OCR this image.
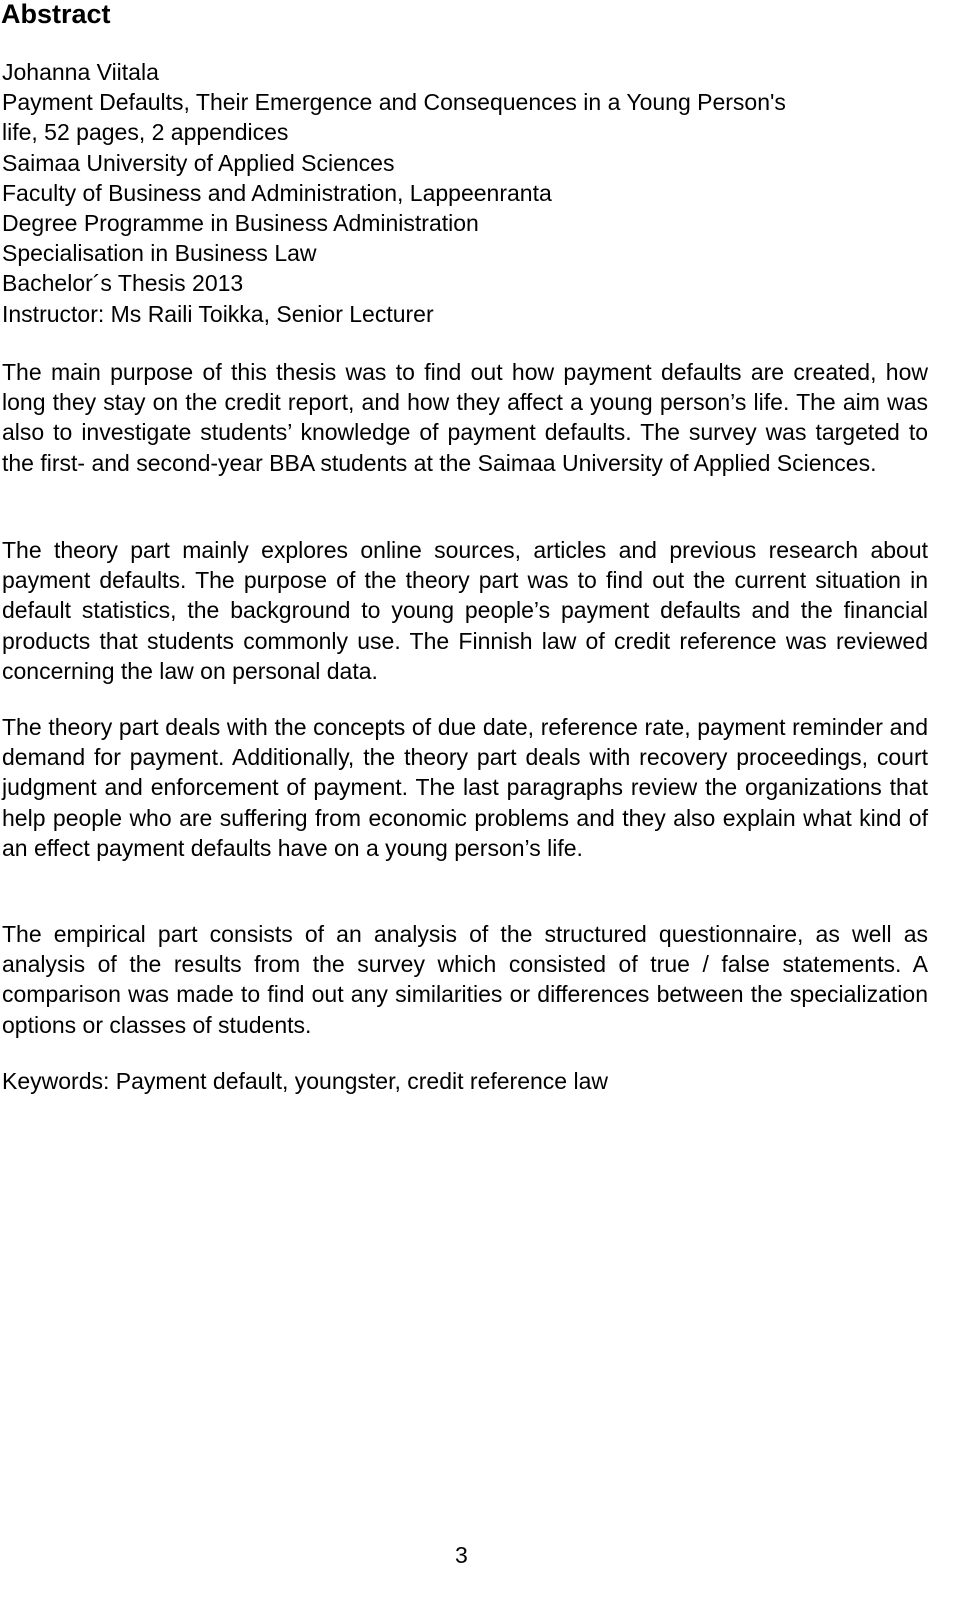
Abstract
Johanna Viitala
Payment Defaults, Their Emergence and Consequences in a Young Person's
life, 52 pages, 2 appendices
Saimaa University of Applied Sciences
Faculty of Business and Administration, Lappeenranta
Degree Programme in Business Administration
Specialisation in Business Law
Bachelor´s Thesis 2013
Instructor: Ms Raili Toikka, Senior Lecturer

The main purpose of this thesis was to find out how payment defaults are created, how long they stay on the credit report, and how they affect a young person’s life. The aim was also to investigate students’ knowledge of payment defaults. The survey was targeted to the first- and second-year BBA students at the Saimaa University of Applied Sciences.

The theory part mainly explores online sources, articles and previous research about payment defaults. The purpose of the theory part was to find out the current situation in default statistics, the background to young people’s payment defaults and the financial products that students commonly use. The Finnish law of credit reference was reviewed concerning the law on personal data.

The theory part deals with the concepts of due date, reference rate, payment reminder and demand for payment. Additionally, the theory part deals with recovery proceedings, court judgment and enforcement of payment. The last paragraphs review the organizations that help people who are suffering from economic problems and they also explain what kind of an effect payment defaults have on a young person’s life.

The empirical part consists of an analysis of the structured questionnaire, as well as analysis of the results from the survey which consisted of true / false statements. A comparison was made to find out any similarities or differences between the specialization options or classes of students.

Keywords: Payment default, youngster, credit reference law
3
